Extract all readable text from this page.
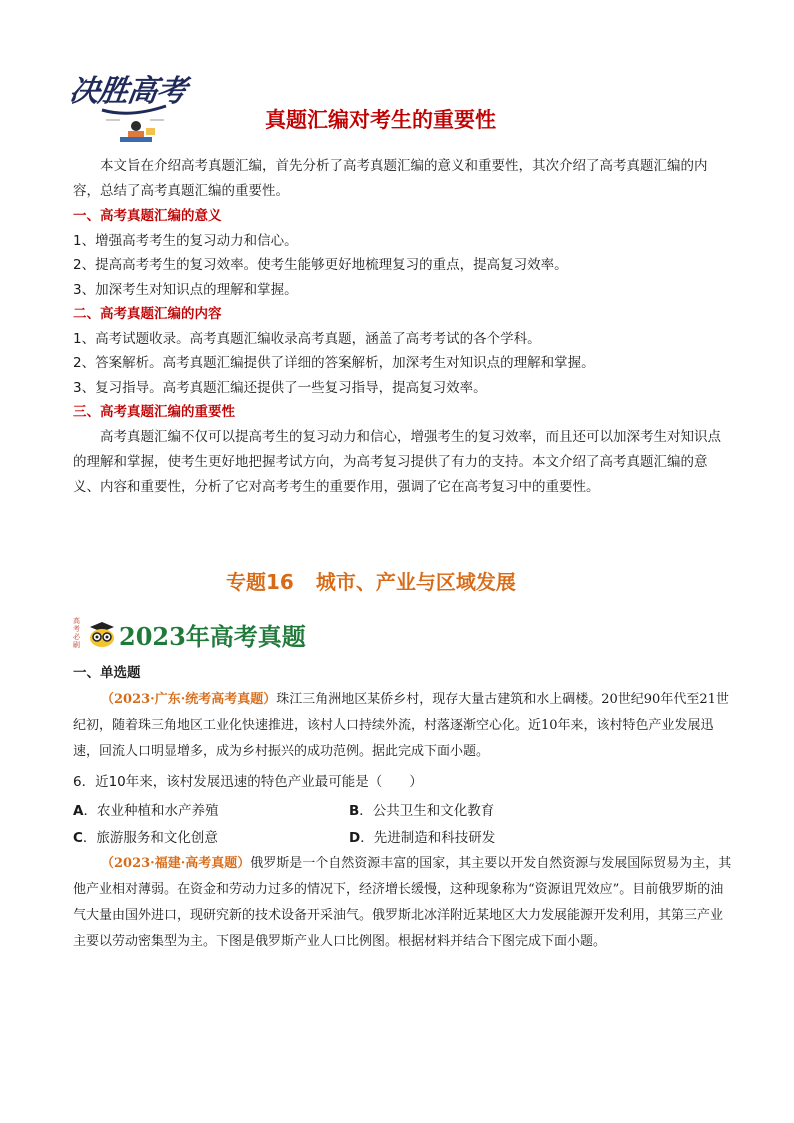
决胜高考
真题汇编对考生的重要性
本文旨在介绍高考真题汇编，首先分析了高考真题汇编的意义和重要性，其次介绍了高考真题汇编的内容，总结了高考真题汇编的重要性。
一、高考真题汇编的意义
1、增强高考考生的复习动力和信心。
2、提高高考考生的复习效率。使考生能够更好地梳理复习的重点，提高复习效率。
3、加深考生对知识点的理解和掌握。
二、高考真题汇编的内容
1、高考试题收录。高考真题汇编收录高考真题，涵盖了高考考试的各个学科。
2、答案解析。高考真题汇编提供了详细的答案解析，加深考生对知识点的理解和掌握。
3、复习指导。高考真题汇编还提供了一些复习指导，提高复习效率。
三、高考真题汇编的重要性
高考真题汇编不仅可以提高考生的复习动力和信心，增强考生的复习效率，而且还可以加深考生对知识点的理解和掌握，使考生更好地把握考试方向，为高考复习提供了有力的支持。本文介绍了高考真题汇编的意义、内容和重要性，分析了它对高考考生的重要作用，强调了它在高考复习中的重要性。
专题16 城市、产业与区域发展
高考必刷 2023年高考真题
一、单选题
（2023·广东·统考高考真题）珠江三角洲地区某侨乡村，现存大量古建筑和水上碉楼。20世纪90年代至21世纪初，随着珠三角地区工业化快速推进，该村人口持续外流，村落逐渐空心化。近10年来，该村特色产业发展迅速，回流人口明显增多，成为乡村振兴的成功范例。据此完成下面小题。
6．近10年来，该村发展迅速的特色产业最可能是（　　）
A．农业种植和水产养殖	B．公共卫生和文化教育
C．旅游服务和文化创意	D．先进制造和科技研发
（2023·福建·高考真题）俄罗斯是一个自然资源丰富的国家，其主要以开发自然资源与发展国际贸易为主，其他产业相对薄弱。在资金和劳动力过多的情况下，经济增长缓慢，这种现象称为“资源诅咒效应”。目前俄罗斯的油气大量由国外进口，现研究新的技术设备开采油气。俄罗斯北冰洋附近某地区大力发展能源开发利用，其第三产业主要以劳动密集型为主。下图是俄罗斯产业人口比例图。根据材料并结合下图完成下面小题。
